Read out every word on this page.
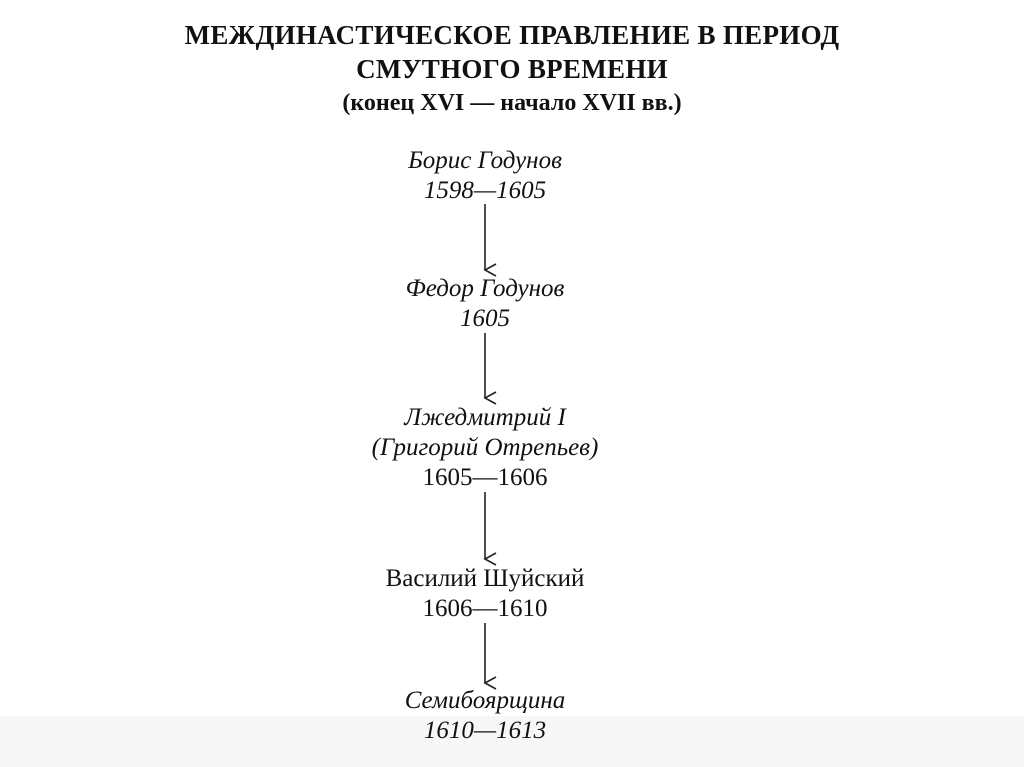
МЕЖДИНАСТИЧЕСКОЕ ПРАВЛЕНИЕ В ПЕРИОД
СМУТНОГО ВРЕМЕНИ
(конец XVI — начало XVII вв.)
Борис Годунов
1598—1605
Федор Годунов
1605
Лжедмитрий I
(Григорий Отрепьев)
1605—1606
Василий Шуйский
1606—1610
Семибоярщина
1610—1613
